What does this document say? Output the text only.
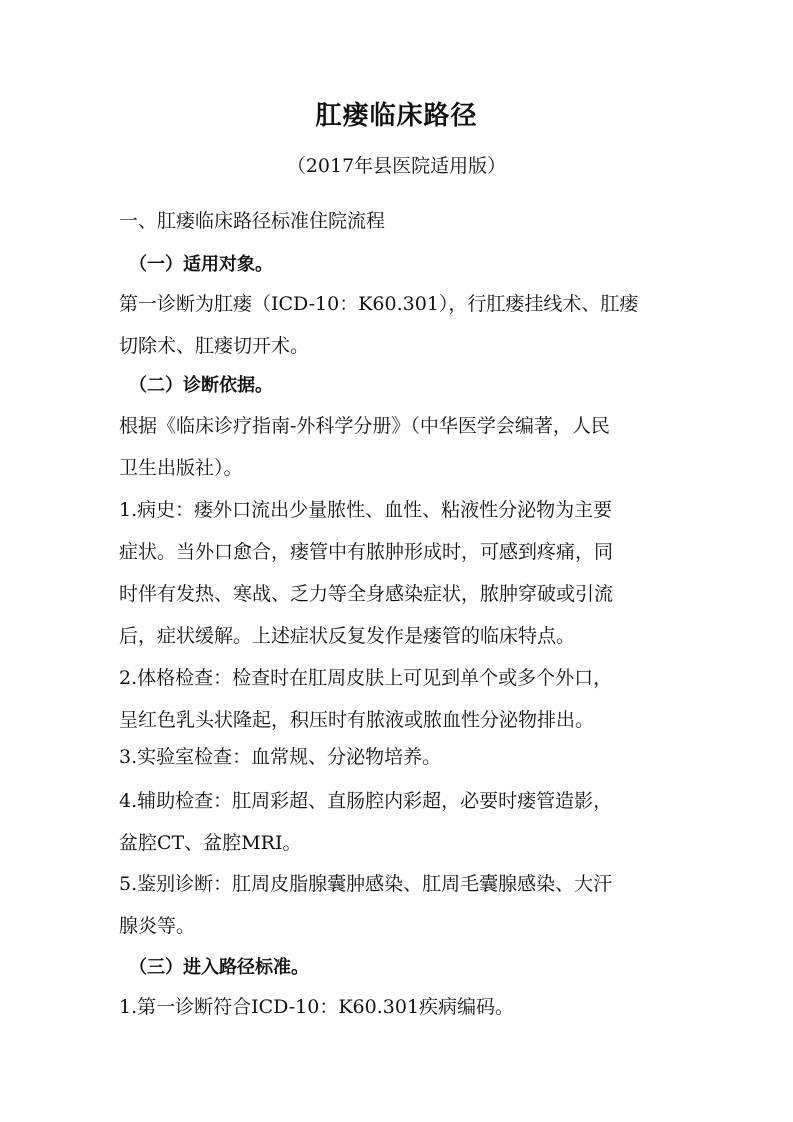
肛瘘临床路径
（2017年县医院适用版）
一、肛瘘临床路径标准住院流程
（一）适用对象。
第一诊断为肛瘘（ICD-10：K60.301），行肛瘘挂线术、肛瘘
切除术、肛瘘切开术。
（二）诊断依据。
根据《临床诊疗指南-外科学分册》（中华医学会编著，人民
卫生出版社）。
1.病史：瘘外口流出少量脓性、血性、粘液性分泌物为主要
症状。当外口愈合，瘘管中有脓肿形成时，可感到疼痛，同
时伴有发热、寒战、乏力等全身感染症状，脓肿穿破或引流
后，症状缓解。上述症状反复发作是瘘管的临床特点。
2.体格检查：检查时在肛周皮肤上可见到单个或多个外口，
呈红色乳头状隆起，积压时有脓液或脓血性分泌物排出。
3.实验室检查：血常规、分泌物培养。
4.辅助检查：肛周彩超、直肠腔内彩超，必要时瘘管造影，
盆腔CT、盆腔MRI。
5.鉴别诊断：肛周皮脂腺囊肿感染、肛周毛囊腺感染、大汗
腺炎等。
（三）进入路径标准。
1.第一诊断符合ICD-10：K60.301疾病编码。
